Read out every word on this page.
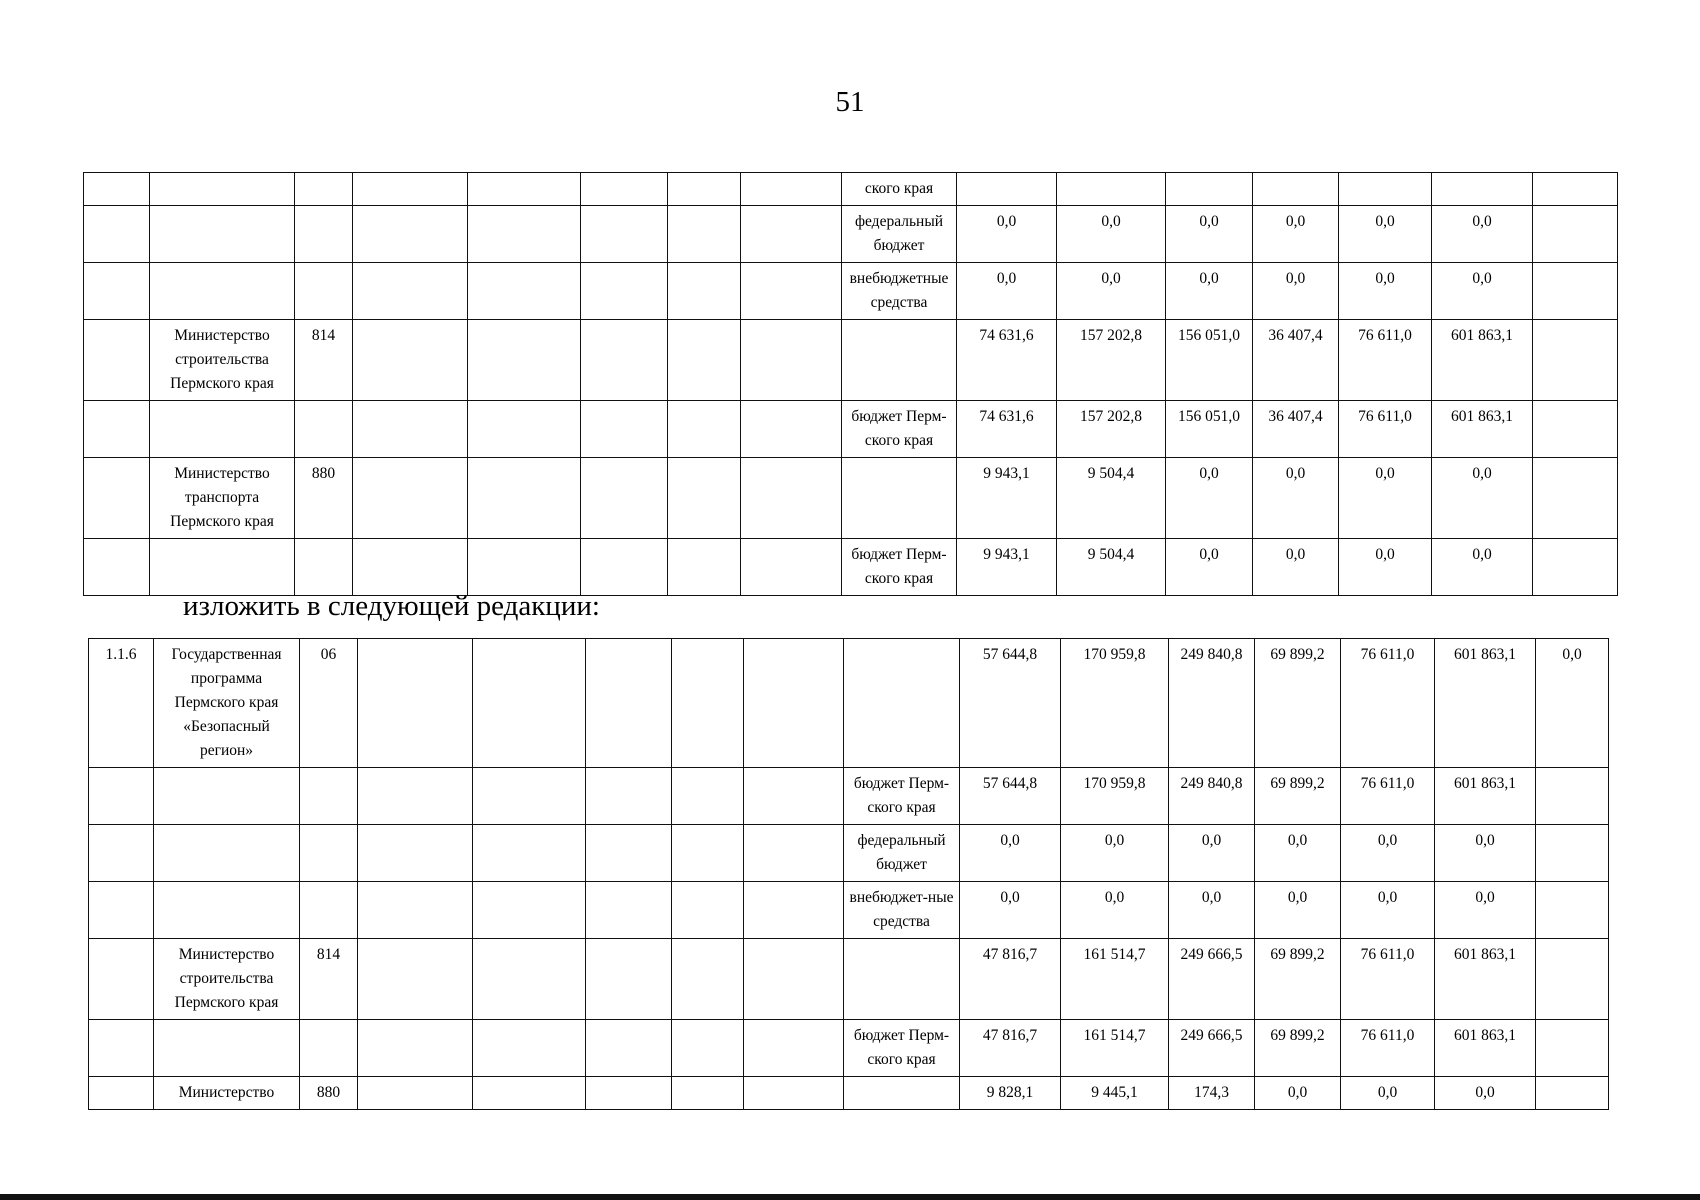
51
								ского края							
								федеральный бюджет	0,0	0,0	0,0	0,0	0,0	0,0	
								внебюджетные средства	0,0	0,0	0,0	0,0	0,0	0,0	
	Министерство строительства Пермского края	814							74 631,6	157 202,8	156 051,0	36 407,4	76 611,0	601 863,1	
								бюджет Перм-ского края	74 631,6	157 202,8	156 051,0	36 407,4	76 611,0	601 863,1	
	Министерство транспорта Пермского края	880							9 943,1	9 504,4	0,0	0,0	0,0	0,0	
								бюджет Перм-ского края	9 943,1	9 504,4	0,0	0,0	0,0	0,0	
изложить в следующей редакции:
1.1.6	Государственная программа Пермского края «Безопасный регион»	06							57 644,8	170 959,8	249 840,8	69 899,2	76 611,0	601 863,1	0,0
								бюджет Перм-ского края	57 644,8	170 959,8	249 840,8	69 899,2	76 611,0	601 863,1	
								федеральный бюджет	0,0	0,0	0,0	0,0	0,0	0,0	
								внебюджет-ные средства	0,0	0,0	0,0	0,0	0,0	0,0	
	Министерство строительства Пермского края	814							47 816,7	161 514,7	249 666,5	69 899,2	76 611,0	601 863,1	
								бюджет Перм-ского края	47 816,7	161 514,7	249 666,5	69 899,2	76 611,0	601 863,1	
	Министерство	880							9 828,1	9 445,1	174,3	0,0	0,0	0,0	
